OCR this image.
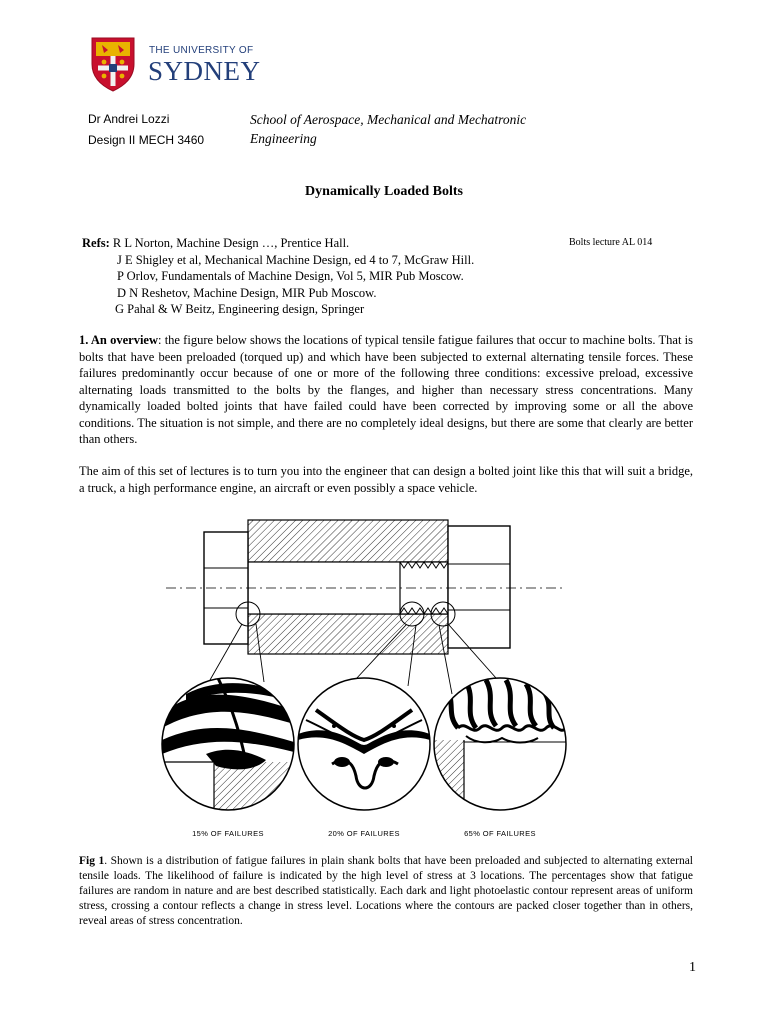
THE UNIVERSITY OF
SYDNEY
Dr Andrei Lozzi
Design II MECH 3460
School of Aerospace, Mechanical and Mechatronic
Engineering
Dynamically Loaded Bolts
Refs: R L Norton, Machine Design …, Prentice Hall.
J E Shigley et al, Mechanical Machine Design, ed 4 to 7, McGraw Hill.
P Orlov, Fundamentals of Machine Design, Vol 5, MIR Pub Moscow.
D N Reshetov, Machine Design, MIR Pub Moscow.
G Pahal & W Beitz, Engineering design, Springer
Bolts lecture AL 014
1. An overview: the figure below shows the locations of typical tensile fatigue failures that occur to machine bolts. That is bolts that have been preloaded (torqued up) and which have been subjected to external alternating tensile forces. These failures predominantly occur because of one or more of the following three conditions: excessive preload, excessive alternating loads transmitted to the bolts by the flanges, and higher than necessary stress concentrations. Many dynamically loaded bolted joints that have failed could have been corrected by improving some or all the above conditions. The situation is not simple, and there are no completely ideal designs, but there are some that clearly are better than others.
The aim of this set of lectures is to turn you into the engineer that can design a bolted joint like this that will suit a bridge, a truck, a high performance engine, an aircraft or even possibly a space vehicle.
15% OF FAILURES	20% OF FAILURES	65% OF FAILURES
Fig 1. Shown is a distribution of fatigue failures in plain shank bolts that have been preloaded and subjected to alternating external tensile loads. The likelihood of failure is indicated by the high level of stress at 3 locations. The percentages show that fatigue failures are random in nature and are best described statistically. Each dark and light photoelastic contour represent areas of uniform stress, crossing a contour reflects a change in stress level. Locations where the contours are packed closer together than in others, reveal areas of stress concentration.
1
